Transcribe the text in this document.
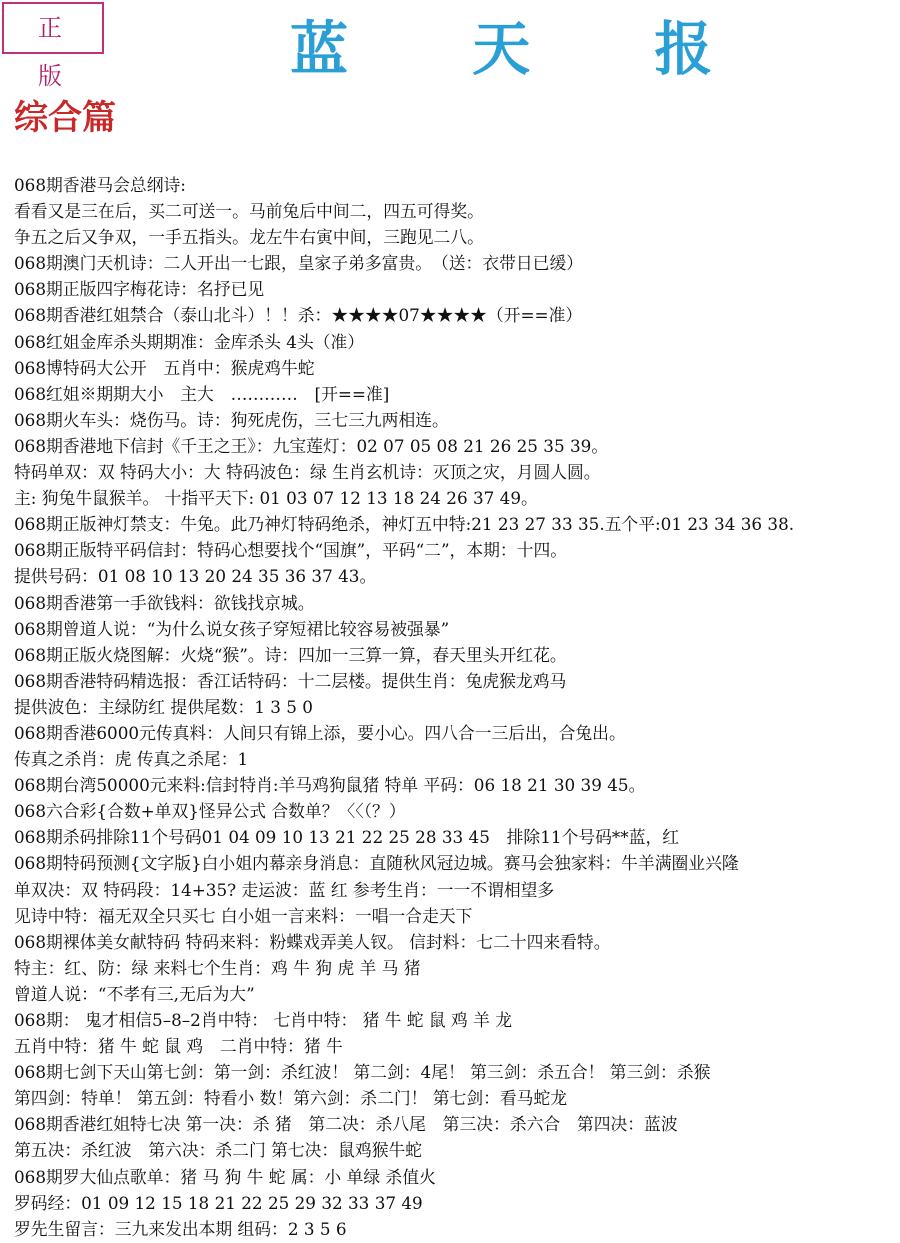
正 版	蓝 天 报
综合篇
068期香港马会总纲诗:
看看又是三在后，买二可送一。马前兔后中间二，四五可得奖。
争五之后又争双，一手五指头。龙左牛右寅中间，三跑见二八。
068期澳门天机诗：二人开出一七跟，皇家子弟多富贵。　（送：衣带日已缓）
068期正版四字梅花诗：名抒已见
068期香港红姐禁合（泰山北斗）！！杀：★★★★07★★★★（开==准）
068红姐金库杀头期期准：金库杀头 4头（准）
068博特码大公开　五肖中：猴虎鸡牛蛇
068红姐※期期大小　主大　…………　[开==准]
068期火车头：烧伤马。诗：狗死虎伤，三七三九两相连。
068期香港地下信封《千王之王》：九宝莲灯：02 07 05 08 21 26 25 35 39。
特码单双：双 特码大小：大 特码波色：绿 生肖玄机诗：灭顶之灾，月圆人圆。
主: 狗兔牛鼠猴羊。 十指平天下: 01 03 07 12 13 18 24 26 37 49。
068期正版神灯禁支：牛兔。此乃神灯特码绝杀，神灯五中特:21 23 27 33 35.五个平:01 23 34 36 38.
068期正版特平码信封：特码心想要找个“国旗”，平码“二”，本期：十四。
提供号码：01 08 10 13 20 24 35 36 37 43。
068期香港第一手欲钱料：欲钱找京城。
068期曾道人说：“为什么说女孩子穿短裙比较容易被强暴”
068期正版火烧图解：火烧“猴”。诗：四加一三算一算，春天里头开红花。
068期香港特码精选报：香江话特码：十二层楼。提供生肖：兔虎猴龙鸡马
提供波色：主绿防红 提供尾数：1 3 5 0
068期香港6000元传真料：人间只有锦上添，要小心。四八合一三后出，合兔出。
传真之杀肖：虎 传真之杀尾：1
068期台湾50000元来料:信封特肖:羊马鸡狗鼠猪 特单 平码：06 18 21 30 39 45。
068六合彩{合数+单双}怪异公式 合数单？〈〈（？）
068期杀码排除11个号码01 04 09 10 13 21 22 25 28 33 45　排除11个号码**蓝，红
068期特码预测{文字版}白小姐内幕亲身消息：直随秋风冠边城。赛马会独家料：牛羊满圈业兴隆
单双决：双 特码段：14+35? 走运波：蓝 红 参考生肖：一一不谓相望多
见诗中特：福无双全只买七 白小姐一言来料：一唱一合走天下
068期裸体美女献特码 特码来料：粉蝶戏弄美人钗。 信封料：七二十四来看特。
特主：红、防：绿 来料七个生肖：鸡 牛 狗 虎 羊 马 猪
曾道人说：“不孝有三,无后为大”
068期： 鬼才相信5–8–2肖中特： 七肖中特： 猪 牛 蛇 鼠 鸡 羊 龙
五肖中特：猪 牛 蛇 鼠 鸡　二肖中特：猪 牛
068期七剑下天山第七剑：第一剑：杀红波！ 第二剑：4尾！ 第三剑：杀五合！ 第三剑：杀猴
第四剑：特单！ 第五剑：特看小 数！第六剑：杀二门！ 第七剑：看马蛇龙
068期香港红姐特七决 第一决：杀 猪　第二决：杀八尾　第三决：杀六合　第四决：蓝波
第五决：杀红波　第六决：杀二门 第七决：鼠鸡猴牛蛇
068期罗大仙点歌单：猪 马 狗 牛 蛇 属：小 单绿 杀值火
罗码经：01 09 12 15 18 21 22 25 29 32 33 37 49
罗先生留言：三九来发出本期 组码：2 3 5 6
